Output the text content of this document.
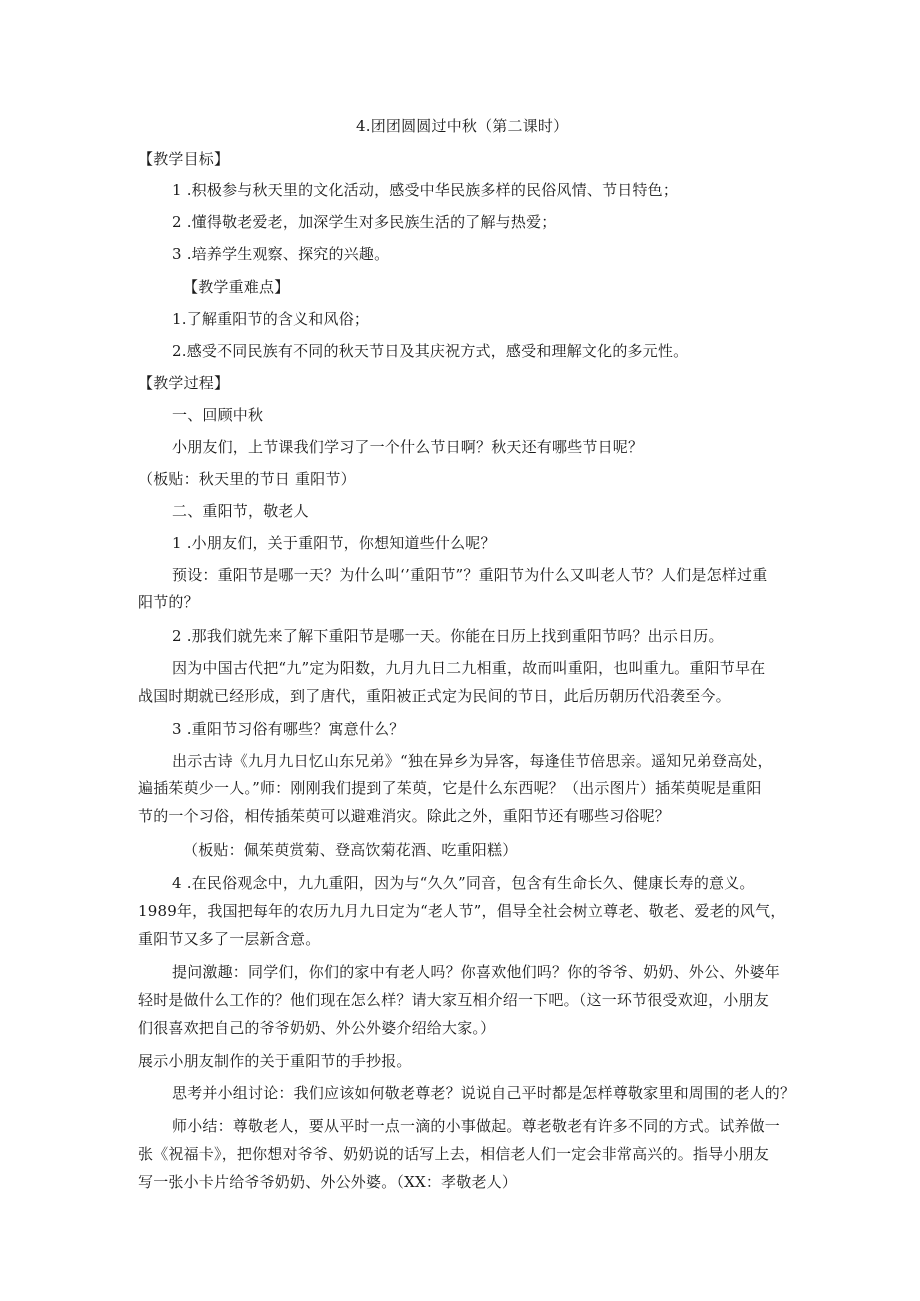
4.团团圆圆过中秋（第二课时）
【教学目标】
1 .积极参与秋天里的文化活动，感受中华民族多样的民俗风情、节日特色；
2 .懂得敬老爱老，加深学生对多民族生活的了解与热爱；
3 .培养学生观察、探究的兴趣。
【教学重难点】
1.了解重阳节的含义和风俗；
2.感受不同民族有不同的秋天节日及其庆祝方式，感受和理解文化的多元性。
【教学过程】
一、回顾中秋
小朋友们，上节课我们学习了一个什么节日啊？秋天还有哪些节日呢？
（板贴：秋天里的节日 重阳节）
二、重阳节，敬老人
1 .小朋友们，关于重阳节，你想知道些什么呢？
预设：重阳节是哪一天？为什么叫‘’重阳节”？重阳节为什么又叫老人节？人们是怎样过重
阳节的？
2 .那我们就先来了解下重阳节是哪一天。你能在日历上找到重阳节吗？出示日历。
因为中国古代把“九”定为阳数，九月九日二九相重，故而叫重阳，也叫重九。重阳节早在
战国时期就已经形成，到了唐代，重阳被正式定为民间的节日，此后历朝历代沿袭至今。
3 .重阳节习俗有哪些？寓意什么？
出示古诗《九月九日忆山东兄弟》“独在异乡为异客，每逢佳节倍思亲。遥知兄弟登高处，
遍插茱萸少一人。”师：刚刚我们提到了茱萸，它是什么东西呢？（出示图片）插茱萸呢是重阳
节的一个习俗，相传插茱萸可以避难消灾。除此之外，重阳节还有哪些习俗呢？
（板贴：佩茱萸赏菊、登高饮菊花酒、吃重阳糕）
4 .在民俗观念中，九九重阳，因为与“久久”同音，包含有生命长久、健康长寿的意义。
1989年，我国把每年的农历九月九日定为“老人节”，倡导全社会树立尊老、敬老、爱老的风气，
重阳节又多了一层新含意。
提问激趣：同学们，你们的家中有老人吗？你喜欢他们吗？你的爷爷、奶奶、外公、外婆年
轻时是做什么工作的？他们现在怎么样？请大家互相介绍一下吧。（这一环节很受欢迎，小朋友
们很喜欢把自己的爷爷奶奶、外公外婆介绍给大家。）
展示小朋友制作的关于重阳节的手抄报。
思考并小组讨论：我们应该如何敬老尊老？说说自己平时都是怎样尊敬家里和周围的老人的？
师小结：尊敬老人，要从平时一点一滴的小事做起。尊老敬老有许多不同的方式。试养做一
张《祝福卡》，把你想对爷爷、奶奶说的话写上去，相信老人们一定会非常高兴的。指导小朋友
写一张小卡片给爷爷奶奶、外公外婆。（XX：孝敬老人）
